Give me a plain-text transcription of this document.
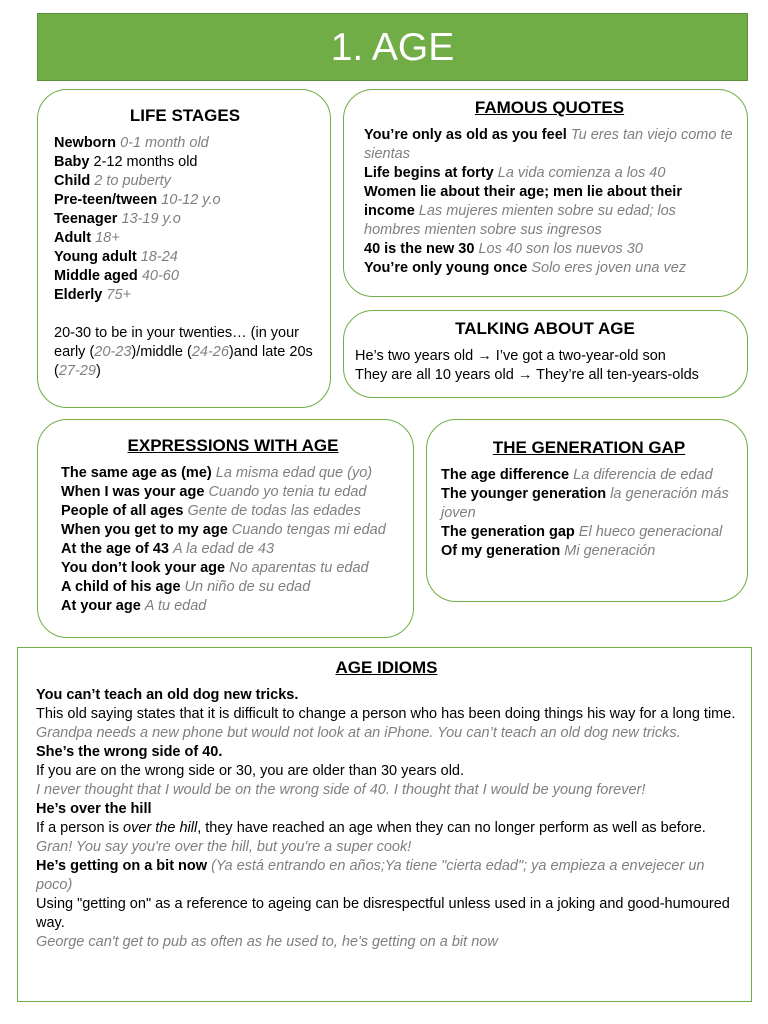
1. AGE
LIFE STAGES
Newborn 0-1 month old
Baby 2-12 months old
Child 2 to puberty
Pre-teen/tween 10-12 y.o
Teenager 13-19 y.o
Adult 18+
Young adult 18-24
Middle aged 40-60
Elderly 75+
20-30 to be in your twenties… (in your early (20-23)/middle (24-26)and late 20s (27-29)
FAMOUS QUOTES
You’re only as old as you feel Tu eres tan viejo como te sientas
Life begins at forty La vida comienza a los 40
Women lie about their age; men lie about their income Las mujeres mienten sobre su edad; los hombres mienten sobre sus ingresos
40 is the new 30 Los 40 son los nuevos 30
You’re only young once Solo eres joven una vez
TALKING ABOUT AGE
He’s two years old → I’ve got a two-year-old son
They are all 10 years old → They’re all ten-years-olds
EXPRESSIONS WITH AGE
The same age as (me) La misma edad que (yo)
When I was your age Cuando yo tenia tu edad
People of all ages Gente de todas las edades
When you get to my age Cuando tengas mi edad
At the age of 43 A la edad de 43
You don’t look your age No aparentas tu edad
A child of his age Un niño de su edad
At your age A tu edad
THE GENERATION GAP
The age difference La diferencia de edad
The younger generation la generación más joven
The generation gap El hueco generacional
Of my generation Mi generación
AGE IDIOMS
You can’t teach an old dog new tricks.
This old saying states that it is difficult to change a person who has been doing things his way for a long time.
Grandpa needs a new phone but would not look at an iPhone. You can’t teach an old dog new tricks.
She’s the wrong side of 40.
If you are on the wrong side or 30, you are older than 30 years old.
I never thought that I would be on the wrong side of 40. I thought that I would be young forever!
He’s over the hill
If a person is over the hill, they have reached an age when they can no longer perform as well as before.
Gran! You say you're over the hill, but you're a super cook!
He’s getting on a bit now (Ya está entrando en años;Ya tiene "cierta edad"; ya empieza a envejecer un poco)
Using "getting on" as a reference to ageing can be disrespectful unless used in a joking and good-humoured way.
George can't get to pub as often as he used to, he's getting on a bit now
